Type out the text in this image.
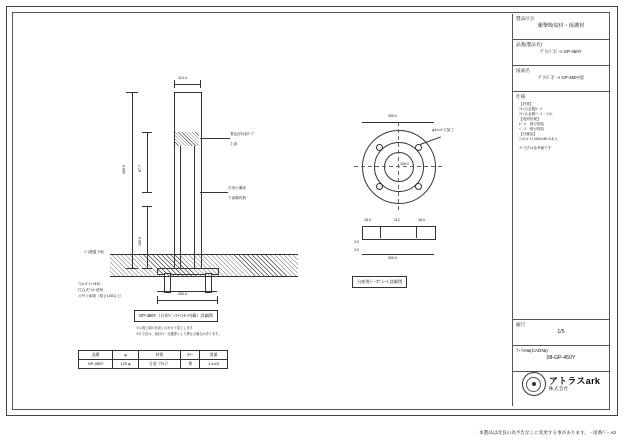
114.4
360.0	87.7
150.0
300.0
着色部反射ﾃｰﾌﾟ
上部
台形小溝部
下部溝有無
ｺﾞﾑ製蓋下地
ｱﾝｶｰﾎﾞﾙﾄ M10
打込式ｱﾝｶｰ使用
ｺﾝｸﾘｰﾄ床版（厚さ100以上）
GP-450Y（台形ﾍﾞｰｽ+ｱﾝｶｰ内蔵）詳細図
※1.施工面の状況に合わせて加工します
※2.寸法は、組付け・仕様等により異なる場合があります。
300.0
150.0
φ11×4 穴加工
18.0	112	18.0
3.0
3.0
300.0
台座用ﾍﾞｰｽﾌﾟﾚｰﾄ 詳細図
品番	φ	材質	ｶﾗｰ	質量
GP-450Y	120 φ	合金（ｱﾙﾐ）	黄	1.4 kG
製品区分
衝撃吸収材・保護材
品番(製品名)
ｸﾞﾗﾝﾄﾞﾎﾟｰﾙ GP-450Y
図面名
ｸﾞﾗﾝﾄﾞﾎﾟｰﾙ GP-450Y図
仕様
【材質】
ｱﾙﾐ合金製ﾎﾟｰﾙ
ｱﾙﾐ合金製ﾍﾞｰｽ・ｱﾝｶｰ
【表面処理】
ﾎﾟｰﾙ：焼付塗装
ﾍﾞｰｽ：焼付塗装
【付属品】
ｱﾝｶｰﾎﾞﾙﾄ M10×80 4本入
※寸法は参考値です
縮尺
1/5
ﾌｧｲﾙ№(CAD№)
08-GP-450Y
アトラスark
株式会社
本製品は改良の為予告なしに変更する事があります。 - 図番ﾊﾞｰ A3
